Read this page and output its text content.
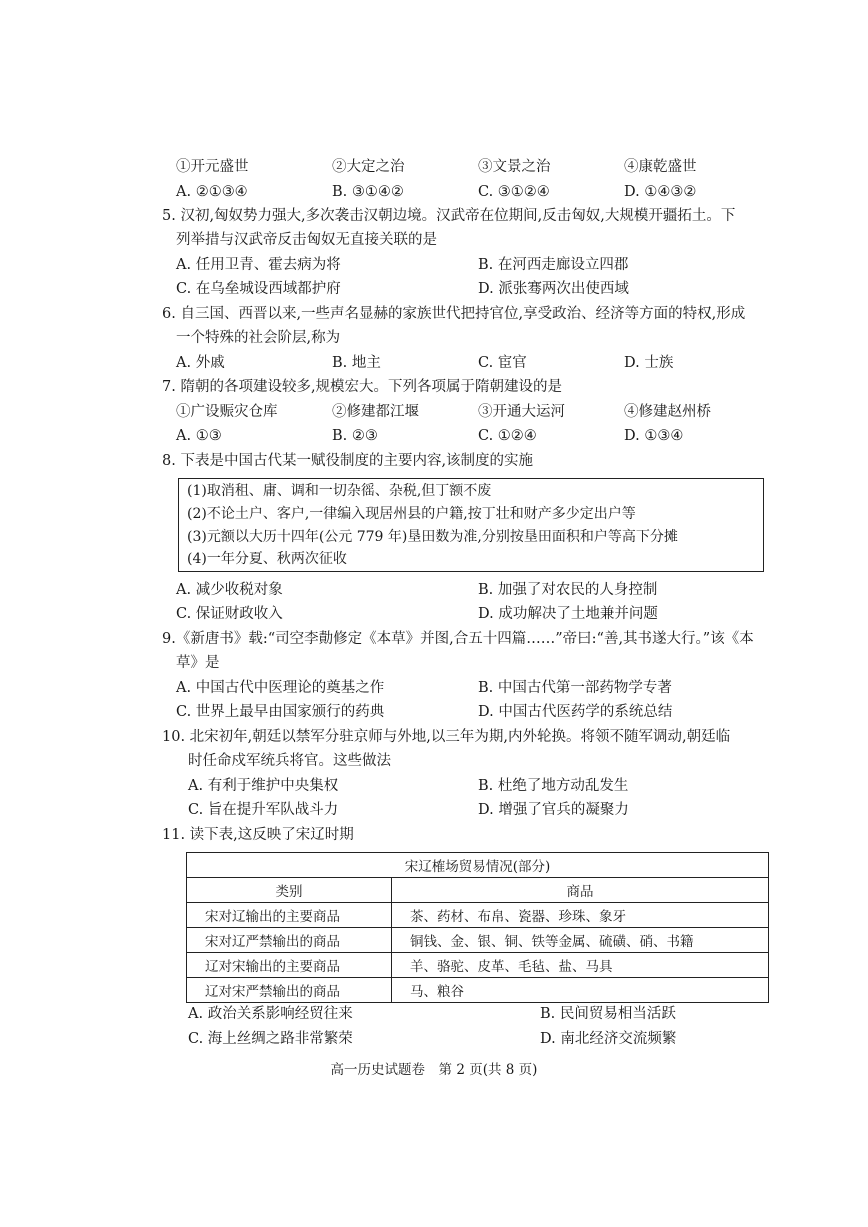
①开元盛世	②大定之治	③文景之治	④康乾盛世
A. ②①③④	B. ③①④②	C. ③①②④	D. ①④③②
5. 汉初,匈奴势力强大,多次袭击汉朝边境。汉武帝在位期间,反击匈奴,大规模开疆拓土。下
列举措与汉武帝反击匈奴无直接关联的是
A. 任用卫青、霍去病为将	B. 在河西走廊设立四郡
C. 在乌垒城设西域都护府	D. 派张骞两次出使西域
6. 自三国、西晋以来,一些声名显赫的家族世代把持官位,享受政治、经济等方面的特权,形成
一个特殊的社会阶层,称为
A. 外戚	B. 地主	C. 宦官	D. 士族
7. 隋朝的各项建设较多,规模宏大。下列各项属于隋朝建设的是
①广设赈灾仓库	②修建都江堰	③开通大运河	④修建赵州桥
A. ①③	B. ②③	C. ①②④	D. ①③④
8. 下表是中国古代某一赋役制度的主要内容,该制度的实施
A. 减少收税对象	B. 加强了对农民的人身控制
C. 保证财政收入	D. 成功解决了土地兼并问题
9.《新唐书》载:“司空李勣修定《本草》并图,合五十四篇……”帝曰:“善,其书遂大行。”该《本
草》是
A. 中国古代中医理论的奠基之作	B. 中国古代第一部药物学专著
C. 世界上最早由国家颁行的药典	D. 中国古代医药学的系统总结
10. 北宋初年,朝廷以禁军分驻京师与外地,以三年为期,内外轮换。将领不随军调动,朝廷临
时任命戍军统兵将官。这些做法
A. 有利于维护中央集权	B. 杜绝了地方动乱发生
C. 旨在提升军队战斗力	D. 增强了官兵的凝聚力
11. 读下表,这反映了宋辽时期
A. 政治关系影响经贸往来	B. 民间贸易相当活跃
C. 海上丝绸之路非常繁荣	D. 南北经济交流频繁
(1)取消租、庸、调和一切杂徭、杂税,但丁额不废
(2)不论土户、客户,一律编入现居州县的户籍,按丁壮和财产多少定出户等
(3)元额以大历十四年(公元 779 年)垦田数为准,分别按垦田面积和户等高下分摊
(4)一年分夏、秋两次征收
宋辽榷场贸易情况(部分)	
类别	商品
宋对辽输出的主要商品	茶、药材、布帛、瓷器、珍珠、象牙
宋对辽严禁输出的商品	铜钱、金、银、铜、铁等金属、硫磺、硝、书籍
辽对宋输出的主要商品	羊、骆驼、皮革、毛毡、盐、马具
辽对宋严禁输出的商品	马、粮谷
高一历史试题卷　第 2 页(共 8 页)
